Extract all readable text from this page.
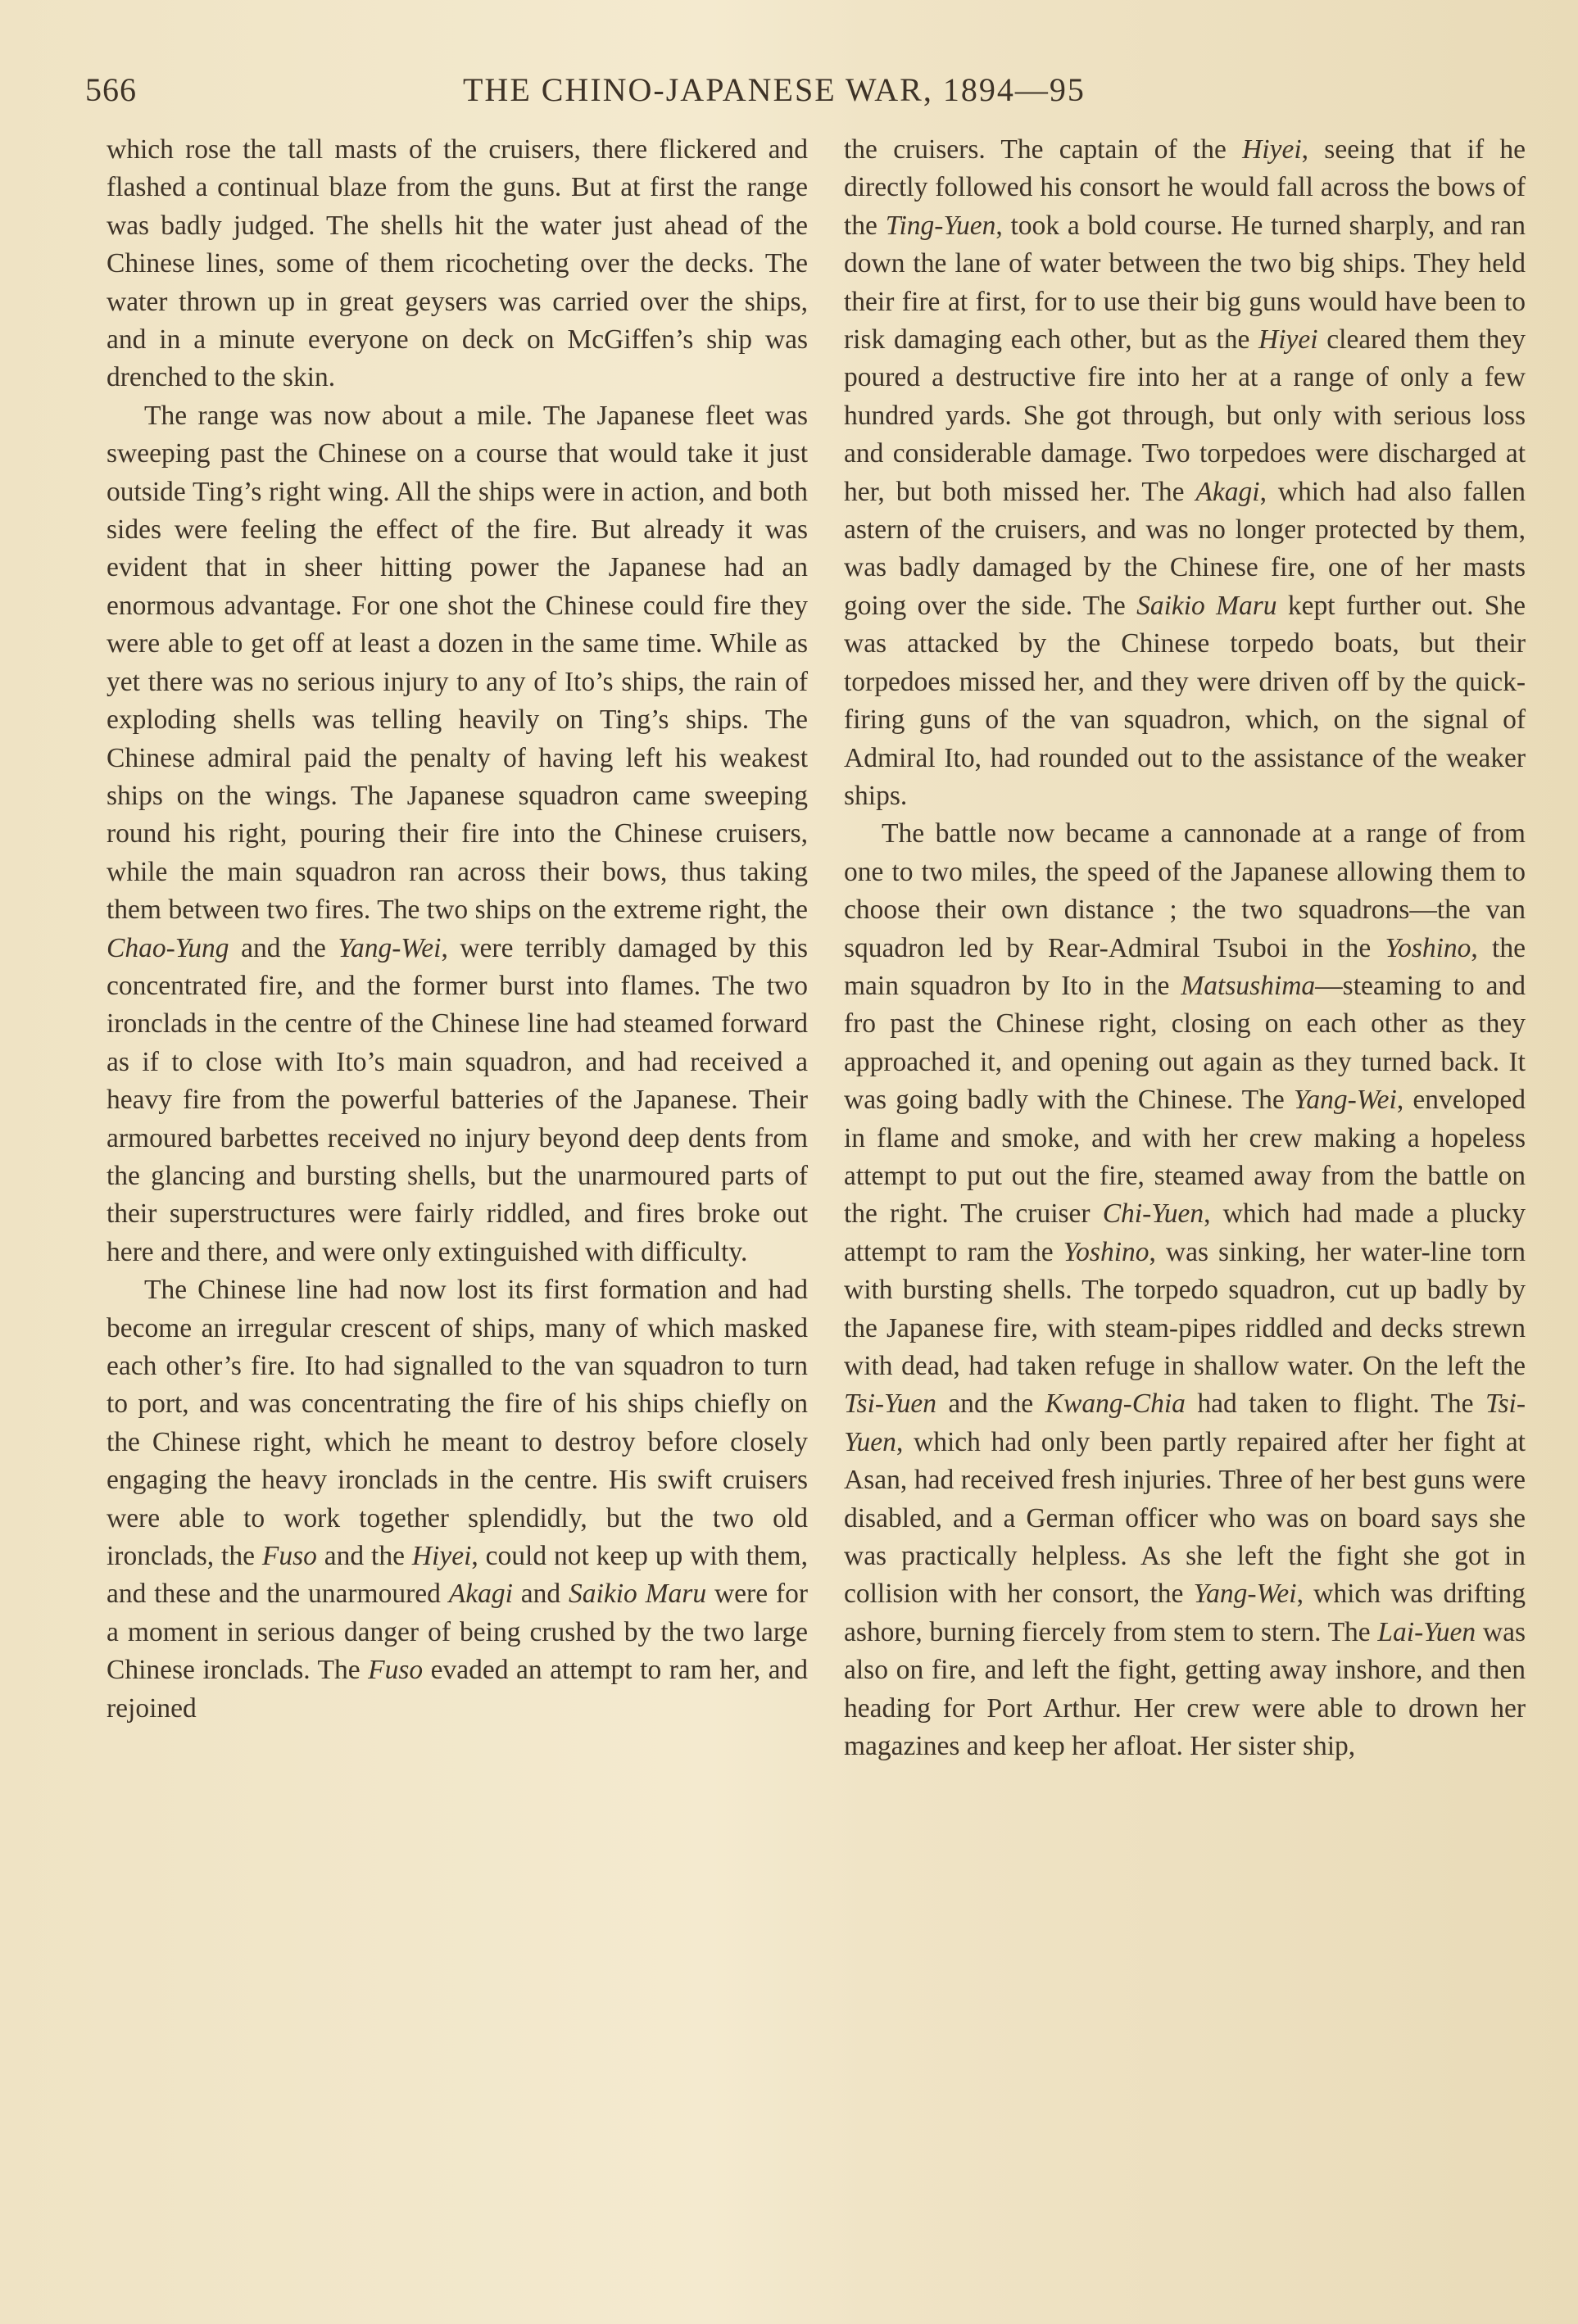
566	THE CHINO-JAPANESE WAR, 1894—95

which rose the tall masts of the cruisers, there flickered and flashed a continual blaze from the guns. But at first the range was badly judged. The shells hit the water just ahead of the Chinese lines, some of them ricocheting over the decks. The water thrown up in great geysers was carried over the ships, and in a minute everyone on deck on McGiffen’s ship was drenched to the skin.

The range was now about a mile. The Japanese fleet was sweeping past the Chinese on a course that would take it just outside Ting’s right wing. All the ships were in action, and both sides were feeling the effect of the fire. But already it was evident that in sheer hitting power the Japanese had an enormous advantage. For one shot the Chinese could fire they were able to get off at least a dozen in the same time. While as yet there was no serious injury to any of Ito’s ships, the rain of exploding shells was telling heavily on Ting’s ships. The Chinese admiral paid the penalty of having left his weakest ships on the wings. The Japanese squadron came sweeping round his right, pouring their fire into the Chinese cruisers, while the main squadron ran across their bows, thus taking them between two fires. The two ships on the extreme right, the Chao-Yung and the Yang-Wei, were terribly damaged by this concentrated fire, and the former burst into flames. The two ironclads in the centre of the Chinese line had steamed forward as if to close with Ito’s main squadron, and had received a heavy fire from the powerful batteries of the Japanese. Their armoured barbettes received no injury beyond deep dents from the glancing and bursting shells, but the unarmoured parts of their superstructures were fairly riddled, and fires broke out here and there, and were only extinguished with difficulty.

The Chinese line had now lost its first formation and had become an irregular crescent of ships, many of which masked each other’s fire. Ito had signalled to the van squadron to turn to port, and was concentrating the fire of his ships chiefly on the Chinese right, which he meant to destroy before closely engaging the heavy ironclads in the centre. His swift cruisers were able to work together splendidly, but the two old ironclads, the Fuso and the Hiyei, could not keep up with them, and these and the unarmoured Akagi and Saikio Maru were for a moment in serious danger of being crushed by the two large Chinese ironclads. The Fuso evaded an attempt to ram her, and rejoined

the cruisers. The captain of the Hiyei, seeing that if he directly followed his consort he would fall across the bows of the Ting-Yuen, took a bold course. He turned sharply, and ran down the lane of water between the two big ships. They held their fire at first, for to use their big guns would have been to risk damaging each other, but as the Hiyei cleared them they poured a destructive fire into her at a range of only a few hundred yards. She got through, but only with serious loss and considerable damage. Two torpedoes were discharged at her, but both missed her. The Akagi, which had also fallen astern of the cruisers, and was no longer protected by them, was badly damaged by the Chinese fire, one of her masts going over the side. The Saikio Maru kept further out. She was attacked by the Chinese torpedo boats, but their torpedoes missed her, and they were driven off by the quick-firing guns of the van squadron, which, on the signal of Admiral Ito, had rounded out to the assistance of the weaker ships.

The battle now became a cannonade at a range of from one to two miles, the speed of the Japanese allowing them to choose their own distance ; the two squadrons—the van squadron led by Rear-Admiral Tsuboi in the Yoshino, the main squadron by Ito in the Matsushima—steaming to and fro past the Chinese right, closing on each other as they approached it, and opening out again as they turned back. It was going badly with the Chinese. The Yang-Wei, enveloped in flame and smoke, and with her crew making a hopeless attempt to put out the fire, steamed away from the battle on the right. The cruiser Chi-Yuen, which had made a plucky attempt to ram the Yoshino, was sinking, her water-line torn with bursting shells. The torpedo squadron, cut up badly by the Japanese fire, with steam-pipes riddled and decks strewn with dead, had taken refuge in shallow water. On the left the Tsi-Yuen and the Kwang-Chia had taken to flight. The Tsi-Yuen, which had only been partly repaired after her fight at Asan, had received fresh injuries. Three of her best guns were disabled, and a German officer who was on board says she was practically helpless. As she left the fight she got in collision with her consort, the Yang-Wei, which was drifting ashore, burning fiercely from stem to stern. The Lai-Yuen was also on fire, and left the fight, getting away inshore, and then heading for Port Arthur. Her crew were able to drown her magazines and keep her afloat. Her sister ship,
